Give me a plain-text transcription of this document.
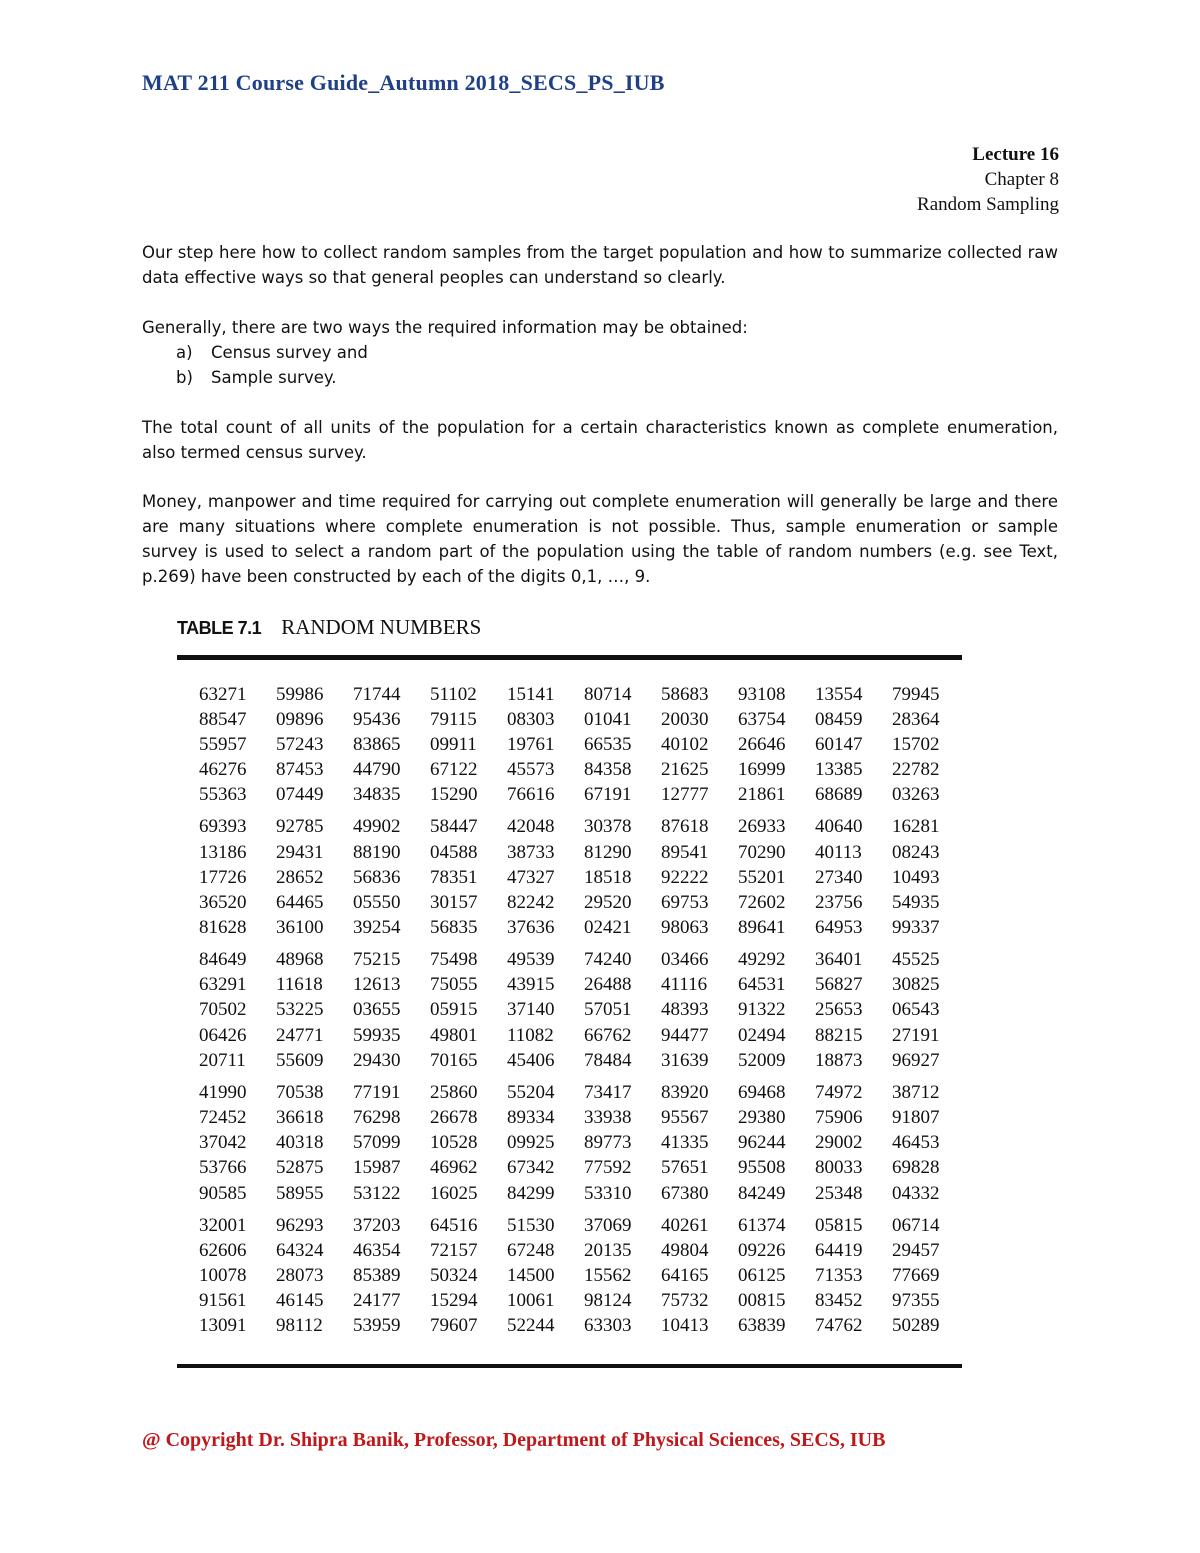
MAT 211 Course Guide_Autumn 2018_SECS_PS_IUB
Lecture 16
Chapter 8
Random Sampling

Our step here how to collect random samples from the target population and how to summarize collected raw data effective ways so that general peoples can understand so clearly.

Generally, there are two ways the required information may be obtained:

a) Census survey and
b) Sample survey.

The total count of all units of the population for a certain characteristics known as complete enumeration, also termed census survey.

Money, manpower and time required for carrying out complete enumeration will generally be large and there are many situations where complete enumeration is not possible. Thus, sample enumeration or sample survey is used to select a random part of the population using the table of random numbers (e.g. see Text, p.269) have been constructed by each of the digits 0,1, …, 9.

TABLE 7.1 RANDOM NUMBERS
63271	59986	71744	51102	15141	80714	58683	93108	13554	79945
88547	09896	95436	79115	08303	01041	20030	63754	08459	28364
55957	57243	83865	09911	19761	66535	40102	26646	60147	15702
46276	87453	44790	67122	45573	84358	21625	16999	13385	22782
55363	07449	34835	15290	76616	67191	12777	21861	68689	03263
69393	92785	49902	58447	42048	30378	87618	26933	40640	16281
13186	29431	88190	04588	38733	81290	89541	70290	40113	08243
17726	28652	56836	78351	47327	18518	92222	55201	27340	10493
36520	64465	05550	30157	82242	29520	69753	72602	23756	54935
81628	36100	39254	56835	37636	02421	98063	89641	64953	99337
84649	48968	75215	75498	49539	74240	03466	49292	36401	45525
63291	11618	12613	75055	43915	26488	41116	64531	56827	30825
70502	53225	03655	05915	37140	57051	48393	91322	25653	06543
06426	24771	59935	49801	11082	66762	94477	02494	88215	27191
20711	55609	29430	70165	45406	78484	31639	52009	18873	96927
41990	70538	77191	25860	55204	73417	83920	69468	74972	38712
72452	36618	76298	26678	89334	33938	95567	29380	75906	91807
37042	40318	57099	10528	09925	89773	41335	96244	29002	46453
53766	52875	15987	46962	67342	77592	57651	95508	80033	69828
90585	58955	53122	16025	84299	53310	67380	84249	25348	04332
32001	96293	37203	64516	51530	37069	40261	61374	05815	06714
62606	64324	46354	72157	67248	20135	49804	09226	64419	29457
10078	28073	85389	50324	14500	15562	64165	06125	71353	77669
91561	46145	24177	15294	10061	98124	75732	00815	83452	97355
13091	98112	53959	79607	52244	63303	10413	63839	74762	50289
@ Copyright Dr. Shipra Banik, Professor, Department of Physical Sciences, SECS, IUB
